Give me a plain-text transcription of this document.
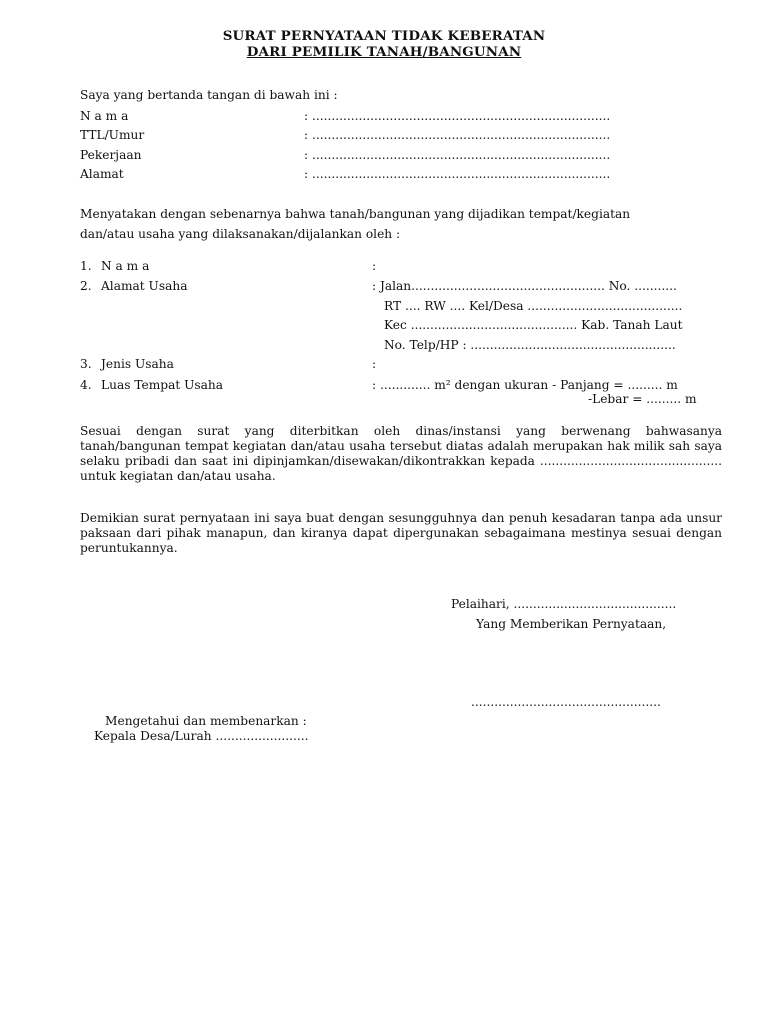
SURAT PERNYATAAN TIDAK KEBERATAN
DARI PEMILIK TANAH/BANGUNAN
Saya yang bertanda tangan di bawah ini :
N a m a	: .............................................................................
TTL/Umur	: .............................................................................
Pekerjaan	: .............................................................................
Alamat	: .............................................................................
Menyatakan dengan sebenarnya bahwa tanah/bangunan yang dijadikan tempat/kegiatan
dan/atau usaha yang dilaksanakan/dijalankan oleh :
1. N a m a	:
2. Alamat Usaha	: Jalan.................................................. No. ...........
RT .... RW .... Kel/Desa ........................................
Kec ........................................... Kab. Tanah Laut
No. Telp/HP : .....................................................
3. Jenis Usaha	:
4. Luas Tempat Usaha	: ............. m² dengan ukuran - Panjang = ......... m
-Lebar = ......... m
Sesuai dengan surat yang diterbitkan oleh dinas/instansi yang berwenang bahwasanya tanah/bangunan tempat kegiatan dan/atau usaha tersebut diatas adalah merupakan hak milik sah saya selaku pribadi dan saat ini dipinjamkan/disewakan/dikontrakkan kepada ............................................... untuk kegiatan dan/atau usaha.
Demikian surat pernyataan ini saya buat dengan sesungguhnya dan penuh kesadaran tanpa ada unsur paksaan dari pihak manapun, dan kiranya dapat dipergunakan sebagaimana mestinya sesuai dengan peruntukannya.
Pelaihari, ..........................................
Yang Memberikan Pernyataan,
.................................................
Mengetahui dan membenarkan :
Kepala Desa/Lurah ........................
